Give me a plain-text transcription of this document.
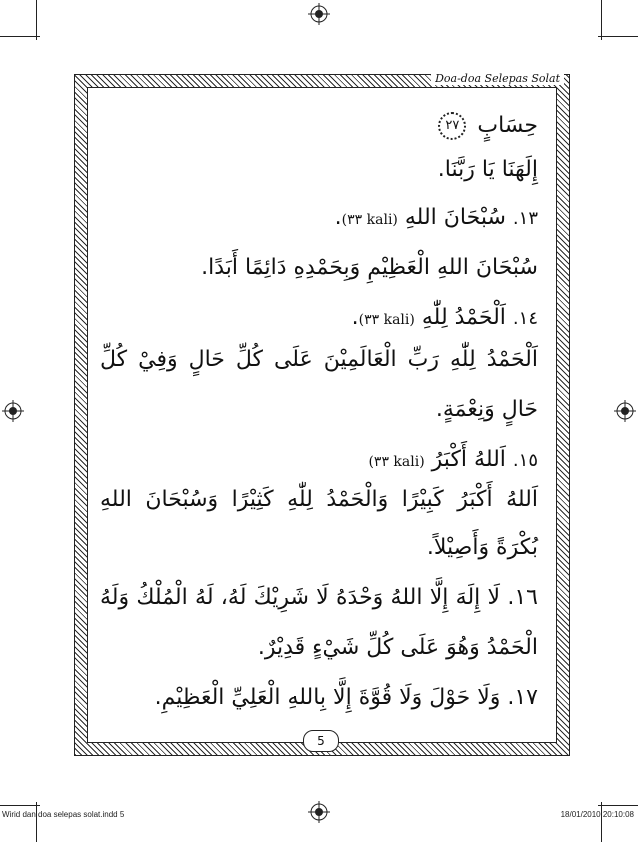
Doa-doa Selepas Solat
حِسَابٍ ٢٧
إِلَهَنَا يَا رَبَّنَا.
١٣. سُبْحَانَ اللهِ (٣٣ kali).
سُبْحَانَ اللهِ الْعَظِيْمِ وَبِحَمْدِهِ دَائِمًا أَبَدًا.
١٤. اَلْحَمْدُ لِلّٰهِ (٣٣ kali).
اَلْحَمْدُ لِلّٰهِ رَبِّ الْعَالَمِيْنَ عَلَى كُلِّ حَالٍ وَفِيْ كُلِّ
حَالٍ وَنِعْمَةٍ.
١٥. اَللهُ أَكْبَرُ (٣٣ kali)
اَللهُ أَكْبَرُ كَبِيْرًا وَالْحَمْدُ لِلّٰهِ كَثِيْرًا وَسُبْحَانَ اللهِ
بُكْرَةً وَأَصِيْلاً.
١٦. لَا إِلَهَ إِلَّا اللهُ وَحْدَهُ لَا شَرِيْكَ لَهُ، لَهُ الْمُلْكُ وَلَهُ
الْحَمْدُ وَهُوَ عَلَى كُلِّ شَيْءٍ قَدِيْرٌ.
١٧. وَلَا حَوْلَ وَلَا قُوَّةَ إِلَّا بِاللهِ الْعَلِيِّ الْعَظِيْمِ.
5
Wirid dan doa selepas solat.indd 5	18/01/2010 20:10:08
